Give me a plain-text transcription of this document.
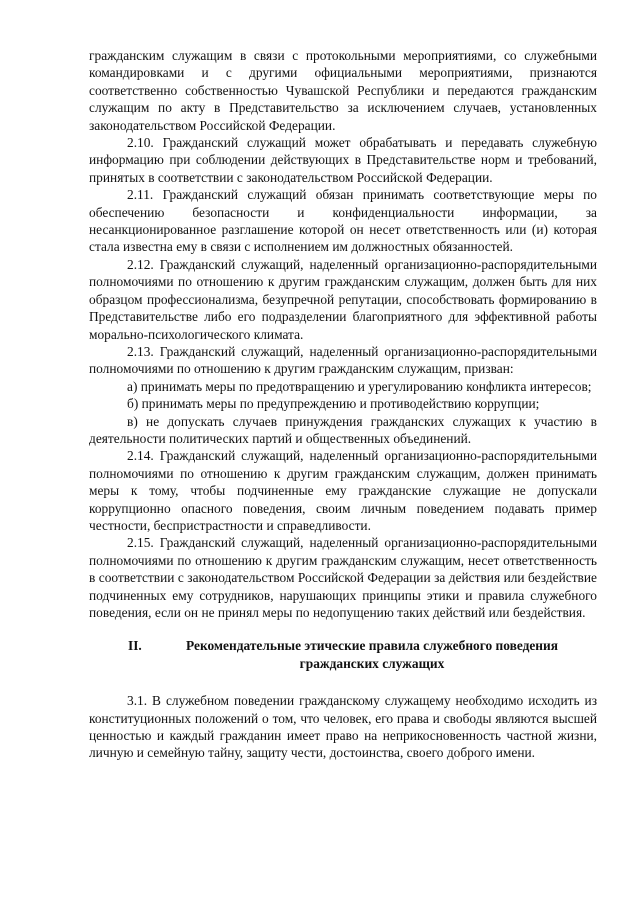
гражданским служащим в связи с протокольными мероприятиями, со служебными командировками и с другими официальными мероприятиями, признаются соответственно собственностью Чувашской Республики и передаются гражданским служащим по акту в Представительство за исключением случаев, установленных законодательством Российской Федерации.

2.10. Гражданский служащий может обрабатывать и передавать служебную информацию при соблюдении действующих в Представительстве норм и требований, принятых в соответствии с законодательством Российской Федерации.

2.11. Гражданский служащий обязан принимать соответствующие меры по обеспечению безопасности и конфиденциальности информации, за несанкционированное разглашение которой он несет ответственность или (и) которая стала известна ему в связи с исполнением им должностных обязанностей.

2.12. Гражданский служащий, наделенный организационно-распорядительными полномочиями по отношению к другим гражданским служащим, должен быть для них образцом профессионализма, безупречной репутации, способствовать формированию в Представительстве либо его подразделении благоприятного для эффективной работы морально-психологического климата.

2.13. Гражданский служащий, наделенный организационно-распорядительными полномочиями по отношению к другим гражданским служащим, призван:

а) принимать меры по предотвращению и урегулированию конфликта интересов;

б) принимать меры по предупреждению и противодействию коррупции;

в) не допускать случаев принуждения гражданских служащих к участию в деятельности политических партий и общественных объединений.

2.14. Гражданский служащий, наделенный организационно-распорядительными полномочиями по отношению к другим гражданским служащим, должен принимать меры к тому, чтобы подчиненные ему гражданские служащие не допускали коррупционно опасного поведения, своим личным поведением подавать пример честности, беспристрастности и справедливости.

2.15. Гражданский служащий, наделенный организационно-распорядительными полномочиями по отношению к другим гражданским служащим, несет ответственность в соответствии с законодательством Российской Федерации за действия или бездействие подчиненных ему сотрудников, нарушающих принципы этики и правила служебного поведения, если он не принял меры по недопущению таких действий или бездействия.

II.	Рекомендательные этические правила служебного поведения гражданских служащих

3.1. В служебном поведении гражданскому служащему необходимо исходить из конституционных положений о том, что человек, его права и свободы являются высшей ценностью и каждый гражданин имеет право на неприкосновенность частной жизни, личную и семейную тайну, защиту чести, достоинства, своего доброго имени.
